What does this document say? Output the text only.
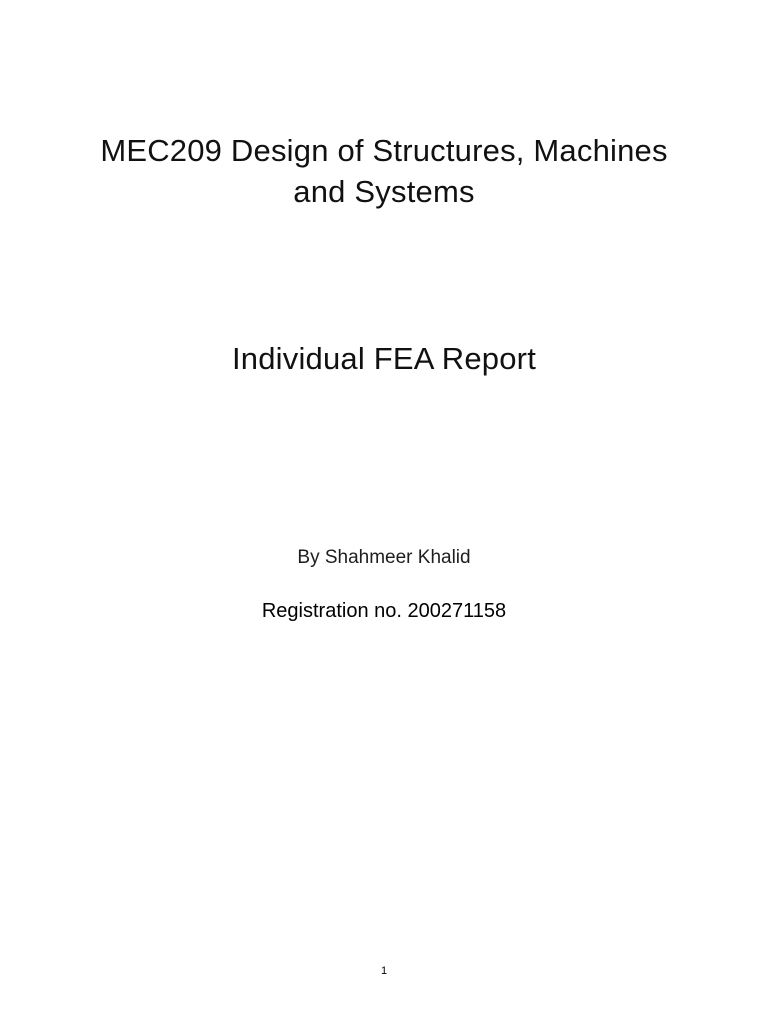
MEC209 Design of Structures, Machines
and Systems
Individual FEA Report
By Shahmeer Khalid
Registration no. 200271158
1
